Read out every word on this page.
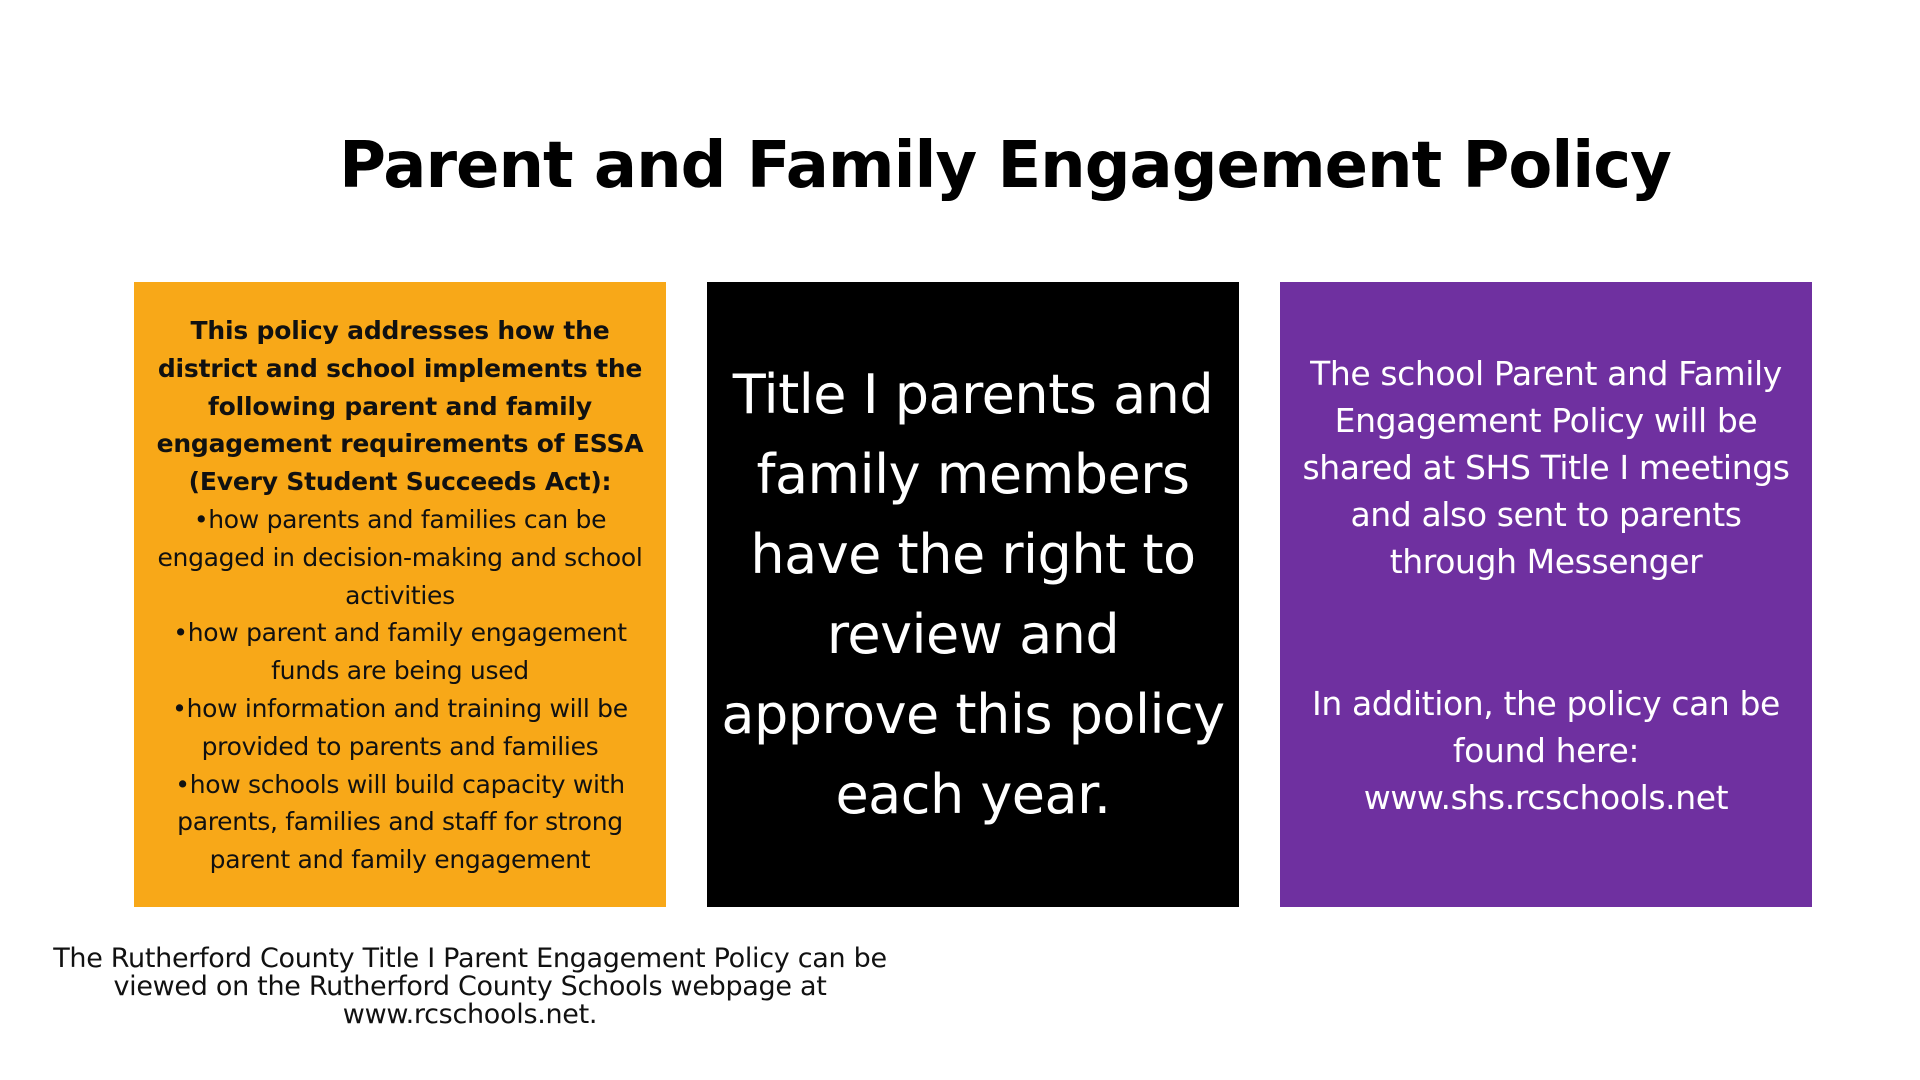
Parent and Family Engagement Policy
This policy addresses how the district and school implements the following parent and family engagement requirements of ESSA (Every Student Succeeds Act):
•how parents and families can be engaged in decision-making and school activities
•how parent and family engagement funds are being used
•how information and training will be provided to parents and families
•how schools will build capacity with parents, families and staff for strong parent and family engagement
Title I parents and family members have the right to review and approve this policy each year.
The school Parent and Family Engagement Policy will be shared at SHS Title I meetings and also sent to parents through Messenger
In addition, the policy can be found here:
www.shs.rcschools.net
The Rutherford County Title I Parent Engagement Policy can be
viewed on the Rutherford County Schools webpage at
www.rcschools.net.
